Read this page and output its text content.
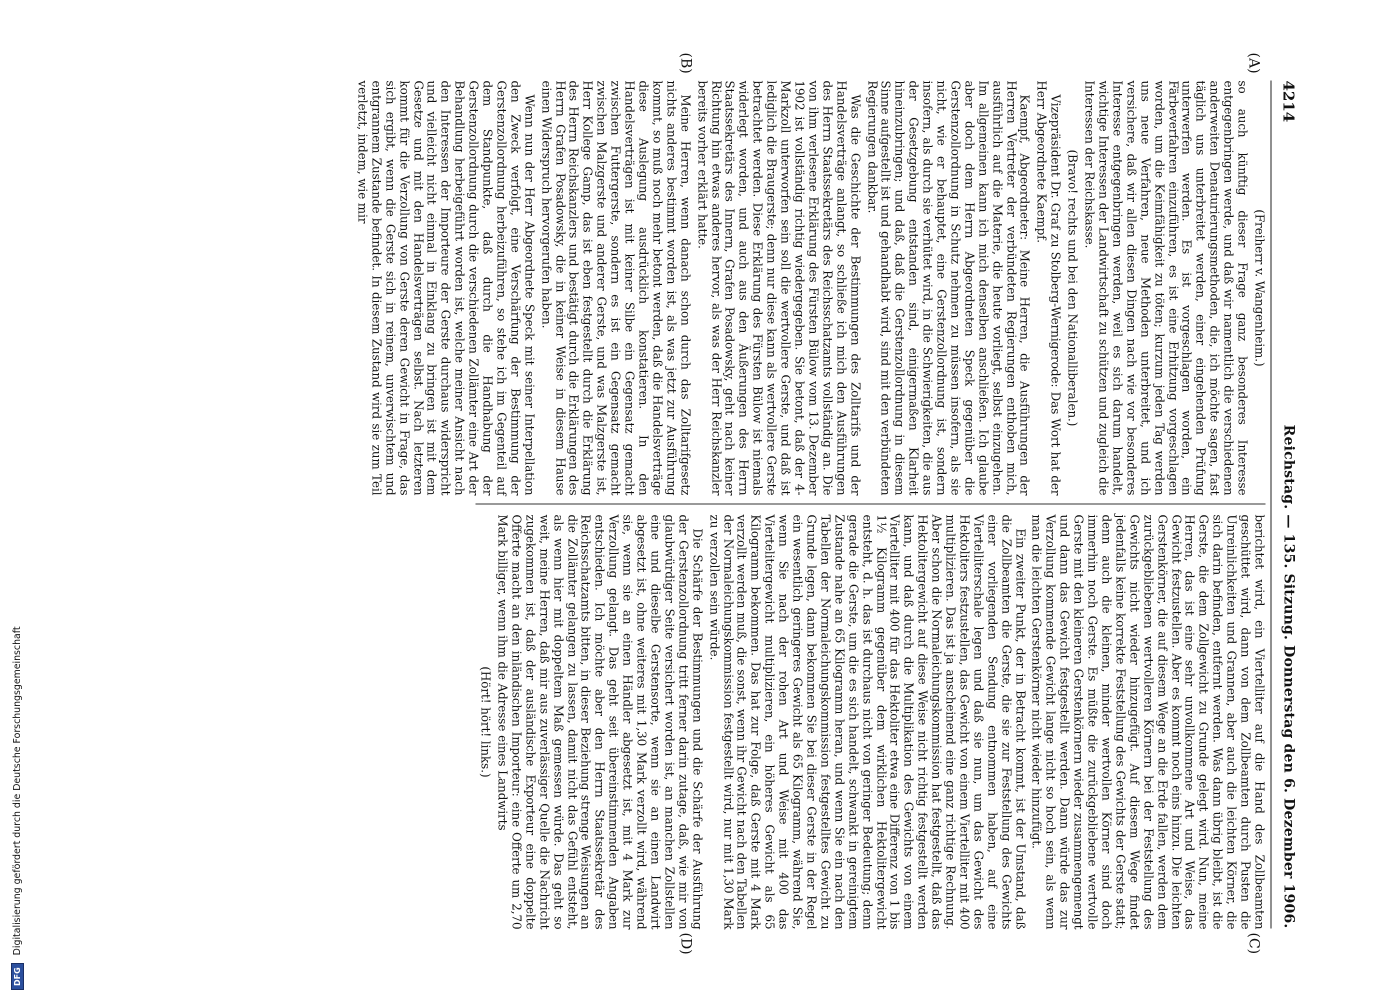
4214
Reichstag. — 135. Sitzung. Donnerstag den 6. Dezember 1906.

(Freiherr v. Wangenheim.)

so auch künftig dieser Frage ganz besonderes Interesse entgegenbringen werde, und daß wir namentlich die verschiedenen anderweiten Denaturierungsmethoden, die, ich möchte sagen, fast täglich uns unterbreitet werden, einer eingehenden Prüfung unterwerfen werden. Es ist vorgeschlagen worden, ein Färbeverfahren einzuführen, es ist eine Erhitzung vorgeschlagen worden, um die Keimfähigkeit zu töten; kurzum jeden Tag werden uns neue Verfahren, neue Methoden unterbreitet, und ich versichere, daß wir allen diesen Dingen nach wie vor besonderes Interesse entgegenbringen werden, weil es sich darum handelt, wichtige Interessen der Landwirtschaft zu schützen und zugleich die Interessen der Reichskasse.

(Bravo! rechts und bei den Nationalliberalen.)

Vizepräsident Dr. Graf zu Stolberg-Wernigerode: Das Wort hat der Herr Abgeordnete Kaempf.

Kaempf, Abgeordneter: Meine Herren, die Ausführungen der Herren Vertreter der verbündeten Regierungen enthoben mich, ausführlich auf die Materie, die heute vorliegt, selbst einzugehen. Im allgemeinen kann ich mich denselben anschließen. Ich glaube aber doch dem Herrn Abgeordneten Speck gegenüber die Gerstenzollordnung in Schutz nehmen zu müssen insofern, als sie nicht, wie er behauptet, eine Gerstenzollordnung ist, sondern insofern, als durch sie verhütet wird, in die Schwierigkeiten, die aus der Gesetzgebung entstanden sind, einigermaßen Klarheit hineinzubringen; und daß, daß die Gerstenzollordnung in diesem Sinne aufgestellt ist und gehandhabt wird, sind mit den verbündeten Regierungen dankbar.

Was die Geschichte der Bestimmungen des Zolltarifs und der Handelsverträge anlangt, so schließe ich mich den Ausführungen des Herrn Staatssekretärs des Reichsschatzamts vollständig an. Die von ihm verlesene Erklärung des Fürsten Bülow vom 13. Dezember 1902 ist vollständig richtig wiedergegeben. Sie betont, daß der 4-Markzoll unterworfen sein soll die wertvollere Gerste, und daß ist lediglich die Braugerste; denn nur diese kann als wertvollere Gerste betrachtet werden. Diese Erklärung des Fürsten Bülow ist niemals widerlegt worden, und auch aus den Äußerungen des Herrn Staatssekretärs des Innern, Grafen Posadowsky, geht nach keiner Richtung hin etwas anderes hervor, als was der Herr Reichskanzler bereits vorher erklärt hatte.

Meine Herren, wenn danach schon durch das Zolltarifgesetz nichts anderes bestimmt worden ist, als was jetzt zur Ausführung kommt, so muß noch mehr betont werden, daß die Handelsverträge diese Auslegung ausdrücklich konstatieren. In den Handelsverträgen ist mit keiner Silbe ein Gegensatz gemacht zwischen Futtergerste, sondern es ist ein Gegensatz gemacht zwischen Malzgerste und anderer Gerste, und was Malzgerste ist, Herr Kollege Gamp, das ist eben festgestellt durch die Erklärung des Herrn Reichskanzlers und bestätigt durch die Erklärungen des Herrn Grafen Posadowsky, die in keiner Weise in diesem Hause einen Widerspruch hervorgerufen haben.

Wenn nun der Herr Abgeordnete Speck mit seiner Interpellation den Zweck verfolgt, eine Verschärfung der Bestimmung der Gerstenzollordnung herbeizuführen, so stehe ich im Gegenteil auf dem Standpunkte, daß durch die Handhabung der Gerstenzollordnung durch die verschiedenen Zollämter eine Art der Behandlung herbeigeführt worden ist, welche meiner Ansicht nach den Interessen der Importeure der Gerste durchaus widerspricht und vielleicht nicht einmal in Einklang zu bringen ist mit dem Gesetze und mit den Handelsverträgen selbst. Nach letzteren kommt für die Verzollung von Gerste deren Gewicht in Frage, das sich ergibt, wenn die Gerste sich in reinem, unverwischtem und entgrannem Zustande befindet. In diesem Zustand wird sie zum Teil verletzt, indem, wie mir

berichtet wird, ein Viertelliter auf die Hand des Zollbeamten geschüttet wird, dann von dem Zollbeamten durch Pusten die Unreinlichkeiten und Grannen, aber auch die leichten Körner, die sich darin befinden, entfernt werden. Was dann übrig bleibt, ist die Gerste, die dem Zollgewicht zu Grunde gelegt wird. Nun, meine Herren, das ist eine sehr unvollkommene Art und Weise, das Gewicht festzustellen. Aber es kommt noch eins hinzu. Die leichten Gerstenkörner, die auf diesem Wege an die Erde fallen, werden dem zurückgebliebenen wertvolleren Körnern bei der Feststellung des Gewichts nicht wieder hinzugefügt. Auf diesem Wege findet jedenfalls keine korrekte Feststellung des Gewichts der Gerste statt; denn auch die kleinen, minder wertvollen Körner sind doch immerhin noch Gerste. Es müßte die zurückgebliebene wertvolle Gerste mit den kleineren Gerstenkörnern wieder zusammengemengt und dann das Gewicht festgestellt werden. Dann würde das zur Verzollung kommende Gewicht lange nicht so hoch sein, als wenn man die leichten Gerstenkörner nicht wieder hinzufügt.

Ein zweiter Punkt, der in Betracht kommt, ist der Umstand, daß die Zollbeamten die Gerste, die sie zur Feststellung des Gewichts einer vorliegenden Sendung entnommen haben, auf eine Viertelliterschale legen und daß sie nun, um das Gewicht des Hektoliters festzustellen, das Gewicht von einem Viertelliter mit 400 multiplizieren. Das ist ja anscheinend eine ganz richtige Rechnung. Aber schon die Normaleichungskommission hat festgestellt, daß das Hektolitergewicht auf diese Weise nicht richtig festgestellt werden kann, und daß durch die Multiplikation des Gewichts von einem Viertelliter mit 400 für das Hektoliter etwa eine Differenz von 1 bis 1½ Kilogramm gegenüber dem wirklichen Hektolitergewicht entsteht, d. h. das ist durchaus nicht von geringer Bedeutung; denn gerade die Gerste, um die es sich handelt, schwankt in gereinigtem Zustande nahe an 65 Kilogramm heran, und wenn Sie ein nach den Tabellen der Normaleichungskommission festgestelltes Gewicht zu Grunde legen, dann bekommen Sie bei dieser Gerste in der Regel ein wesentlich geringeres Gewicht als 65 Kilogramm, während Sie, wenn Sie nach der rohen Art und Weise mit 400 das Viertelitergewicht multiplizieren, ein höheres Gewicht als 65 Kilogramm bekommen. Das hat zur Folge, daß Gerste mit 4 Mark verzollt werden muß, die sonst, wenn ihr Gewicht nach den Tabellen der Normaleichungskommission festgestellt wird, nur mit 1,30 Mark zu verzollen sein würde.

Die Schärfe der Bestimmungen und die Schärfe der Ausführung der Gerstenzollordnung tritt ferner darin zutage, daß, wie mir von glaubwürdiger Seite versichert worden ist, an manchen Zollstellen eine und dieselbe Gerstensorte, wenn sie an einen Landwirt abgesetzt ist, ohne weiteres mit 1,30 Mark verzollt wird, während sie, wenn sie an einen Händler abgesetzt ist, mit 4 Mark zur Verzollung gelangt. Das geht seit übereinstimmenden Angaben entschieden. Ich möchte aber den Herrn Staatssekretär des Reichsschatzamts bitten, in dieser Beziehung strenge Weisungen an die Zollämter gelangen zu lassen, damit nicht das Gefühl entsteht, als wenn hier mit doppeltem Maß gemessen würde. Das geht so weit, meine Herren, daß mir aus zuverlässiger Quelle die Nachricht zugekommen ist, daß der ausländische Exporteur eine doppelte Offerte macht an den inländischen Importeur: eine Offerte um 2,70 Mark billiger, wenn ihm die Adresse eines Landwirts

(Hört! hört! links.)

(A)
(B)
(C)
(D)
DFG
Digitalisierung gefördert durch die Deutsche Forschungsgemeinschaft
